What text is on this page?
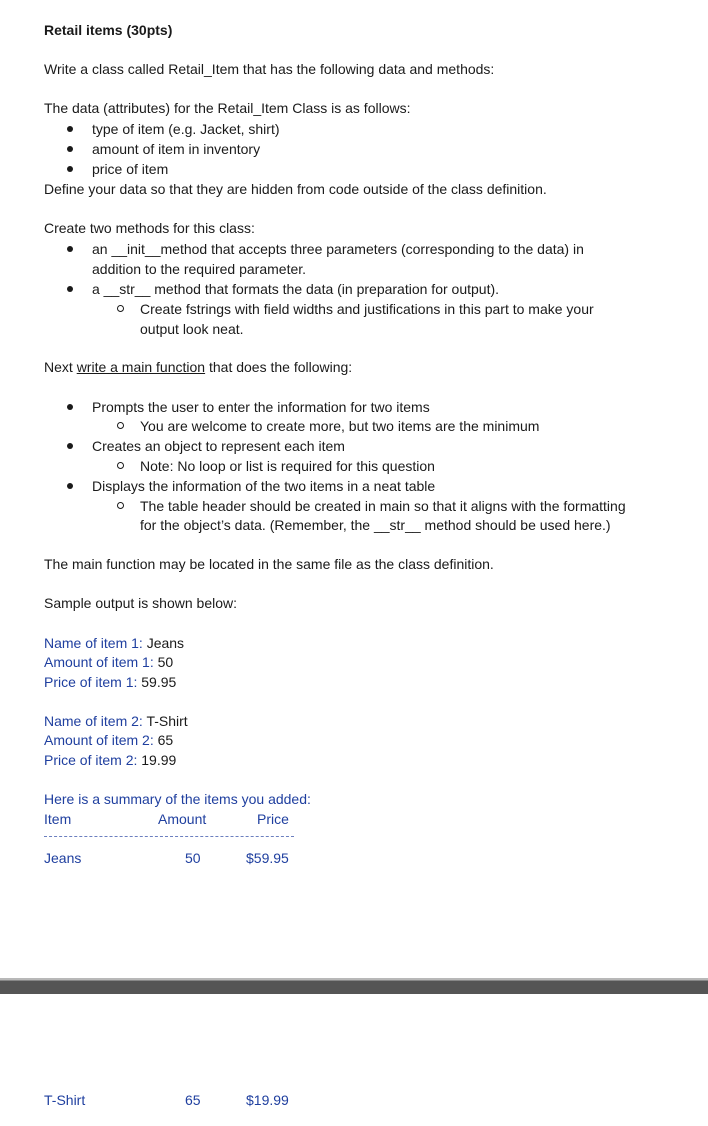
Retail items (30pts)
Write a class called Retail_Item that has the following data and methods:
The data (attributes) for the Retail_Item Class is as follows:
type of item (e.g. Jacket, shirt)
amount of item in inventory
price of item
Define your data so that they are hidden from code outside of the class definition.
Create two methods for this class:
an __init__method that accepts three parameters (corresponding to the data) in
addition to the required parameter.
a __str__ method that formats the data (in preparation for output).
Create fstrings with field widths and justifications in this part to make your
output look neat.
Next write a main function that does the following:
Prompts the user to enter the information for two items
You are welcome to create more, but two items are the minimum
Creates an object to represent each item
Note: No loop or list is required for this question
Displays the information of the two items in a neat table
The table header should be created in main so that it aligns with the formatting
for the object’s data. (Remember, the __str__ method should be used here.)
The main function may be located in the same file as the class definition.
Sample output is shown below:
Name of item 1: Jeans
Amount of item 1: 50
Price of item 1: 59.95
Name of item 2: T-Shirt
Amount of item 2: 65
Price of item 2: 19.99
Here is a summary of the items you added:
Item	Amount	Price
Jeans	50	$59.95
T-Shirt	65	$19.99
